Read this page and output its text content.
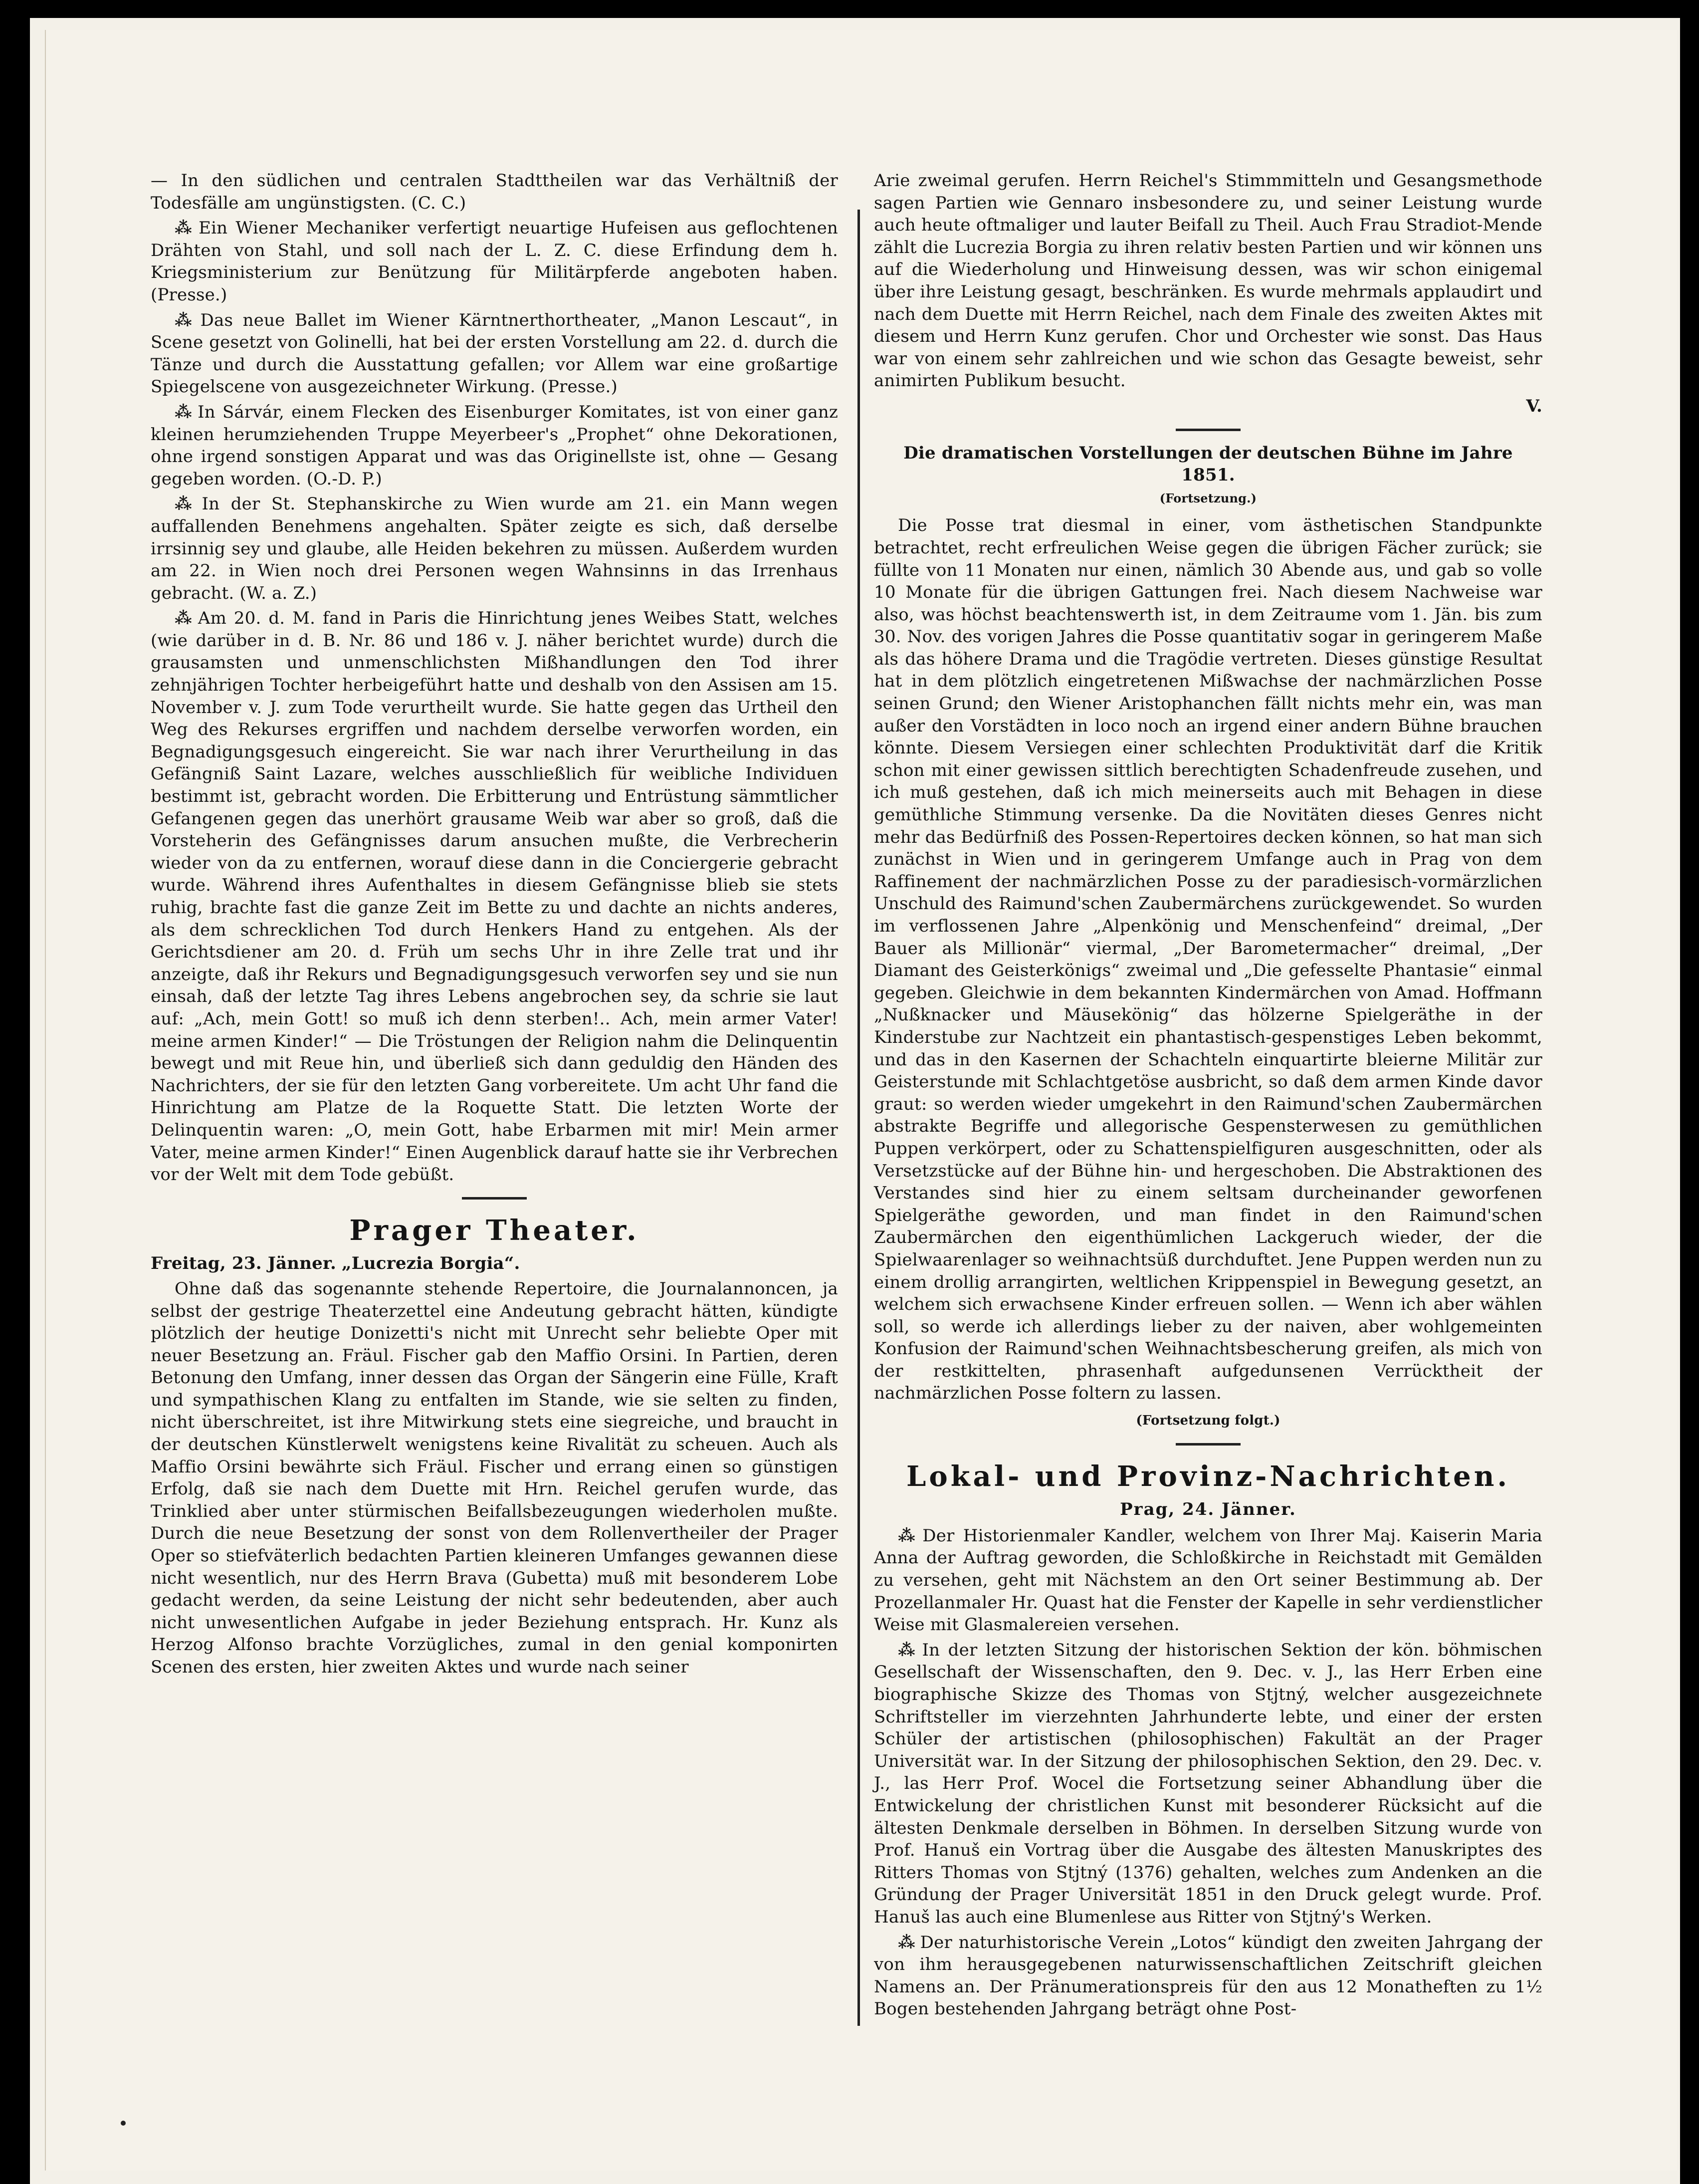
— In den südlichen und centralen Stadttheilen war das Verhältniß der Todesfälle am ungünstigsten. (C. C.)

⁂ Ein Wiener Mechaniker verfertigt neuartige Hufeisen aus geflochtenen Drähten von Stahl, und soll nach der L. Z. C. diese Erfindung dem h. Kriegsministerium zur Benützung für Militärpferde angeboten haben. (Presse.)

⁂ Das neue Ballet im Wiener Kärntnerthortheater, „Manon Lescaut“, in Scene gesetzt von Golinelli, hat bei der ersten Vorstellung am 22. d. durch die Tänze und durch die Ausstattung gefallen; vor Allem war eine großartige Spiegelscene von ausgezeichneter Wirkung. (Presse.)

⁂ In Sárvár, einem Flecken des Eisenburger Komitates, ist von einer ganz kleinen herumziehenden Truppe Meyerbeer's „Prophet“ ohne Dekorationen, ohne irgend sonstigen Apparat und was das Originellste ist, ohne — Gesang gegeben worden. (O.-D. P.)

⁂ In der St. Stephanskirche zu Wien wurde am 21. ein Mann wegen auffallenden Benehmens angehalten. Später zeigte es sich, daß derselbe irrsinnig sey und glaube, alle Heiden bekehren zu müssen. Außerdem wurden am 22. in Wien noch drei Personen wegen Wahnsinns in das Irrenhaus gebracht. (W. a. Z.)

⁂ Am 20. d. M. fand in Paris die Hinrichtung jenes Weibes Statt, welches (wie darüber in d. B. Nr. 86 und 186 v. J. näher berichtet wurde) durch die grausamsten und unmenschlichsten Mißhandlungen den Tod ihrer zehnjährigen Tochter herbeigeführt hatte und deshalb von den Assisen am 15. November v. J. zum Tode verurtheilt wurde. Sie hatte gegen das Urtheil den Weg des Rekurses ergriffen und nachdem derselbe verworfen worden, ein Begnadigungsgesuch eingereicht. Sie war nach ihrer Verurtheilung in das Gefängniß Saint Lazare, welches ausschließlich für weibliche Individuen bestimmt ist, gebracht worden. Die Erbitterung und Entrüstung sämmtlicher Gefangenen gegen das unerhört grausame Weib war aber so groß, daß die Vorsteherin des Gefängnisses darum ansuchen mußte, die Verbrecherin wieder von da zu entfernen, worauf diese dann in die Conciergerie gebracht wurde. Während ihres Aufenthaltes in diesem Gefängnisse blieb sie stets ruhig, brachte fast die ganze Zeit im Bette zu und dachte an nichts anderes, als dem schrecklichen Tod durch Henkers Hand zu entgehen. Als der Gerichtsdiener am 20. d. Früh um sechs Uhr in ihre Zelle trat und ihr anzeigte, daß ihr Rekurs und Begnadigungsgesuch verworfen sey und sie nun einsah, daß der letzte Tag ihres Lebens angebrochen sey, da schrie sie laut auf: „Ach, mein Gott! so muß ich denn sterben!.. Ach, mein armer Vater! meine armen Kinder!“ — Die Tröstungen der Religion nahm die Delinquentin bewegt und mit Reue hin, und überließ sich dann geduldig den Händen des Nachrichters, der sie für den letzten Gang vorbereitete. Um acht Uhr fand die Hinrichtung am Platze de la Roquette Statt. Die letzten Worte der Delinquentin waren: „O, mein Gott, habe Erbarmen mit mir! Mein armer Vater, meine armen Kinder!“ Einen Augenblick darauf hatte sie ihr Verbrechen vor der Welt mit dem Tode gebüßt.

Prager Theater.

Freitag, 23. Jänner. „Lucrezia Borgia“.

Ohne daß das sogenannte stehende Repertoire, die Journalannoncen, ja selbst der gestrige Theaterzettel eine Andeutung gebracht hätten, kündigte plötzlich der heutige Donizetti's nicht mit Unrecht sehr beliebte Oper mit neuer Besetzung an. Fräul. Fischer gab den Maffio Orsini. In Partien, deren Betonung den Umfang, inner dessen das Organ der Sängerin eine Fülle, Kraft und sympathischen Klang zu entfalten im Stande, wie sie selten zu finden, nicht überschreitet, ist ihre Mitwirkung stets eine siegreiche, und braucht in der deutschen Künstlerwelt wenigstens keine Rivalität zu scheuen. Auch als Maffio Orsini bewährte sich Fräul. Fischer und errang einen so günstigen Erfolg, daß sie nach dem Duette mit Hrn. Reichel gerufen wurde, das Trinklied aber unter stürmischen Beifallsbezeugungen wiederholen mußte. Durch die neue Besetzung der sonst von dem Rollenvertheiler der Prager Oper so stiefväterlich bedachten Partien kleineren Umfanges gewannen diese nicht wesentlich, nur des Herrn Brava (Gubetta) muß mit besonderem Lobe gedacht werden, da seine Leistung der nicht sehr bedeutenden, aber auch nicht unwesentlichen Aufgabe in jeder Beziehung entsprach. Hr. Kunz als Herzog Alfonso brachte Vorzügliches, zumal in den genial komponirten Scenen des ersten, hier zweiten Aktes und wurde nach seiner

Arie zweimal gerufen. Herrn Reichel's Stimmmitteln und Gesangsmethode sagen Partien wie Gennaro insbesondere zu, und seiner Leistung wurde auch heute oftmaliger und lauter Beifall zu Theil. Auch Frau Stradiot-Mende zählt die Lucrezia Borgia zu ihren relativ besten Partien und wir können uns auf die Wiederholung und Hinweisung dessen, was wir schon einigemal über ihre Leistung gesagt, beschränken. Es wurde mehrmals applaudirt und nach dem Duette mit Herrn Reichel, nach dem Finale des zweiten Aktes mit diesem und Herrn Kunz gerufen. Chor und Orchester wie sonst. Das Haus war von einem sehr zahlreichen und wie schon das Gesagte beweist, sehr animirten Publikum besucht.

V.
Die dramatischen Vorstellungen der deutschen Bühne im Jahre 1851.
(Fortsetzung.)

Die Posse trat diesmal in einer, vom ästhetischen Standpunkte betrachtet, recht erfreulichen Weise gegen die übrigen Fächer zurück; sie füllte von 11 Monaten nur einen, nämlich 30 Abende aus, und gab so volle 10 Monate für die übrigen Gattungen frei. Nach diesem Nachweise war also, was höchst beachtenswerth ist, in dem Zeitraume vom 1. Jän. bis zum 30. Nov. des vorigen Jahres die Posse quantitativ sogar in geringerem Maße als das höhere Drama und die Tragödie vertreten. Dieses günstige Resultat hat in dem plötzlich eingetretenen Mißwachse der nachmärzlichen Posse seinen Grund; den Wiener Aristophanchen fällt nichts mehr ein, was man außer den Vorstädten in loco noch an irgend einer andern Bühne brauchen könnte. Diesem Versiegen einer schlechten Produktivität darf die Kritik schon mit einer gewissen sittlich berechtigten Schadenfreude zusehen, und ich muß gestehen, daß ich mich meinerseits auch mit Behagen in diese gemüthliche Stimmung versenke. Da die Novitäten dieses Genres nicht mehr das Bedürfniß des Possen-Repertoires decken können, so hat man sich zunächst in Wien und in geringerem Umfange auch in Prag von dem Raffinement der nachmärzlichen Posse zu der paradiesisch-vormärzlichen Unschuld des Raimund'schen Zaubermärchens zurückgewendet. So wurden im verflossenen Jahre „Alpenkönig und Menschenfeind“ dreimal, „Der Bauer als Millionär“ viermal, „Der Barometermacher“ dreimal, „Der Diamant des Geisterkönigs“ zweimal und „Die gefesselte Phantasie“ einmal gegeben. Gleichwie in dem bekannten Kindermärchen von Amad. Hoffmann „Nußknacker und Mäusekönig“ das hölzerne Spielgeräthe in der Kinderstube zur Nachtzeit ein phantastisch-gespenstiges Leben bekommt, und das in den Kasernen der Schachteln einquartirte bleierne Militär zur Geisterstunde mit Schlachtgetöse ausbricht, so daß dem armen Kinde davor graut: so werden wieder umgekehrt in den Raimund'schen Zaubermärchen abstrakte Begriffe und allegorische Gespensterwesen zu gemüthlichen Puppen verkörpert, oder zu Schattenspielfiguren ausgeschnitten, oder als Versetzstücke auf der Bühne hin- und hergeschoben. Die Abstraktionen des Verstandes sind hier zu einem seltsam durcheinander geworfenen Spielgeräthe geworden, und man findet in den Raimund'schen Zaubermärchen den eigenthümlichen Lackgeruch wieder, der die Spielwaarenlager so weihnachtsüß durchduftet. Jene Puppen werden nun zu einem drollig arrangirten, weltlichen Krippenspiel in Bewegung gesetzt, an welchem sich erwachsene Kinder erfreuen sollen. — Wenn ich aber wählen soll, so werde ich allerdings lieber zu der naiven, aber wohlgemeinten Konfusion der Raimund'schen Weihnachtsbescherung greifen, als mich von der restkittelten, phrasenhaft aufgedunsenen Verrücktheit der nachmärzlichen Posse foltern zu lassen.

(Fortsetzung folgt.)
Lokal- und Provinz-Nachrichten.
Prag, 24. Jänner.

⁂ Der Historienmaler Kandler, welchem von Ihrer Maj. Kaiserin Maria Anna der Auftrag geworden, die Schloßkirche in Reichstadt mit Gemälden zu versehen, geht mit Nächstem an den Ort seiner Bestimmung ab. Der Prozellanmaler Hr. Quast hat die Fenster der Kapelle in sehr verdienstlicher Weise mit Glasmalereien versehen.

⁂ In der letzten Sitzung der historischen Sektion der kön. böhmischen Gesellschaft der Wissenschaften, den 9. Dec. v. J., las Herr Erben eine biographische Skizze des Thomas von Stjtný, welcher ausgezeichnete Schriftsteller im vierzehnten Jahrhunderte lebte, und einer der ersten Schüler der artistischen (philosophischen) Fakultät an der Prager Universität war. In der Sitzung der philosophischen Sektion, den 29. Dec. v. J., las Herr Prof. Wocel die Fortsetzung seiner Abhandlung über die Entwickelung der christlichen Kunst mit besonderer Rücksicht auf die ältesten Denkmale derselben in Böhmen. In derselben Sitzung wurde von Prof. Hanuš ein Vortrag über die Ausgabe des ältesten Manuskriptes des Ritters Thomas von Stjtný (1376) gehalten, welches zum Andenken an die Gründung der Prager Universität 1851 in den Druck gelegt wurde. Prof. Hanuš las auch eine Blumenlese aus Ritter von Stjtný's Werken.

⁂ Der naturhistorische Verein „Lotos“ kündigt den zweiten Jahrgang der von ihm herausgegebenen naturwissenschaftlichen Zeitschrift gleichen Namens an. Der Pränumerationspreis für den aus 12 Monatheften zu 1½ Bogen bestehenden Jahrgang beträgt ohne Post-
